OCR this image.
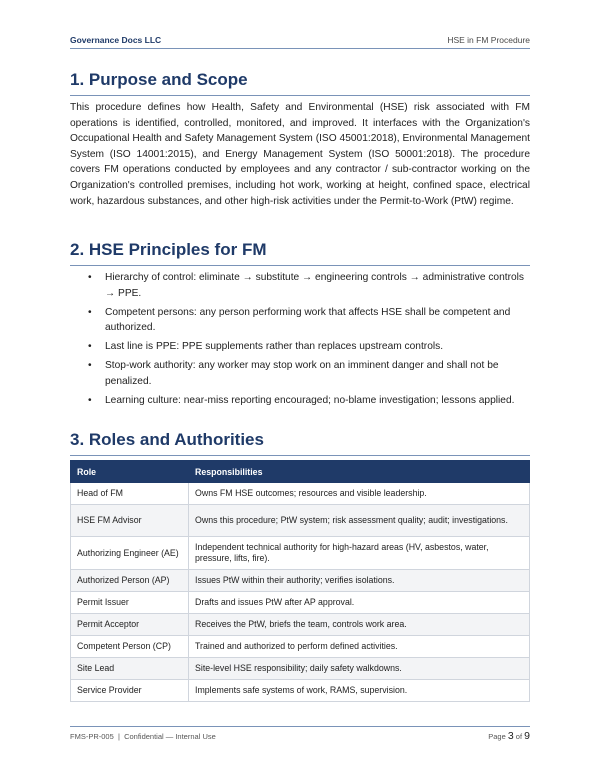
Governance Docs LLC	HSE in FM Procedure
1. Purpose and Scope

This procedure defines how Health, Safety and Environmental (HSE) risk associated with FM operations is identified, controlled, monitored, and improved. It interfaces with the Organization's Occupational Health and Safety Management System (ISO 45001:2018), Environmental Management System (ISO 14001:2015), and Energy Management System (ISO 50001:2018). The procedure covers FM operations conducted by employees and any contractor / sub-contractor working on the Organization's controlled premises, including hot work, working at height, confined space, electrical work, hazardous substances, and other high-risk activities under the Permit-to-Work (PtW) regime.

2. HSE Principles for FM
• Hierarchy of control: eliminate → substitute → engineering controls → administrative controls → PPE.
• Competent persons: any person performing work that affects HSE shall be competent and authorized.
• Last line is PPE: PPE supplements rather than replaces upstream controls.
• Stop-work authority: any worker may stop work on an imminent danger and shall not be penalized.
• Learning culture: near-miss reporting encouraged; no-blame investigation; lessons applied.
3. Roles and Authorities
Role	Responsibilities
Head of FM	Owns FM HSE outcomes; resources and visible leadership.
HSE FM Advisor	Owns this procedure; PtW system; risk assessment quality; audit; investigations.
Authorizing Engineer (AE)	Independent technical authority for high-hazard areas (HV, asbestos, water, pressure, lifts, fire).
Authorized Person (AP)	Issues PtW within their authority; verifies isolations.
Permit Issuer	Drafts and issues PtW after AP approval.
Permit Acceptor	Receives the PtW, briefs the team, controls work area.
Competent Person (CP)	Trained and authorized to perform defined activities.
Site Lead	Site-level HSE responsibility; daily safety walkdowns.
Service Provider	Implements safe systems of work, RAMS, supervision.
FMS-PR-005 | Confidential — Internal Use	Page 3 of 9
